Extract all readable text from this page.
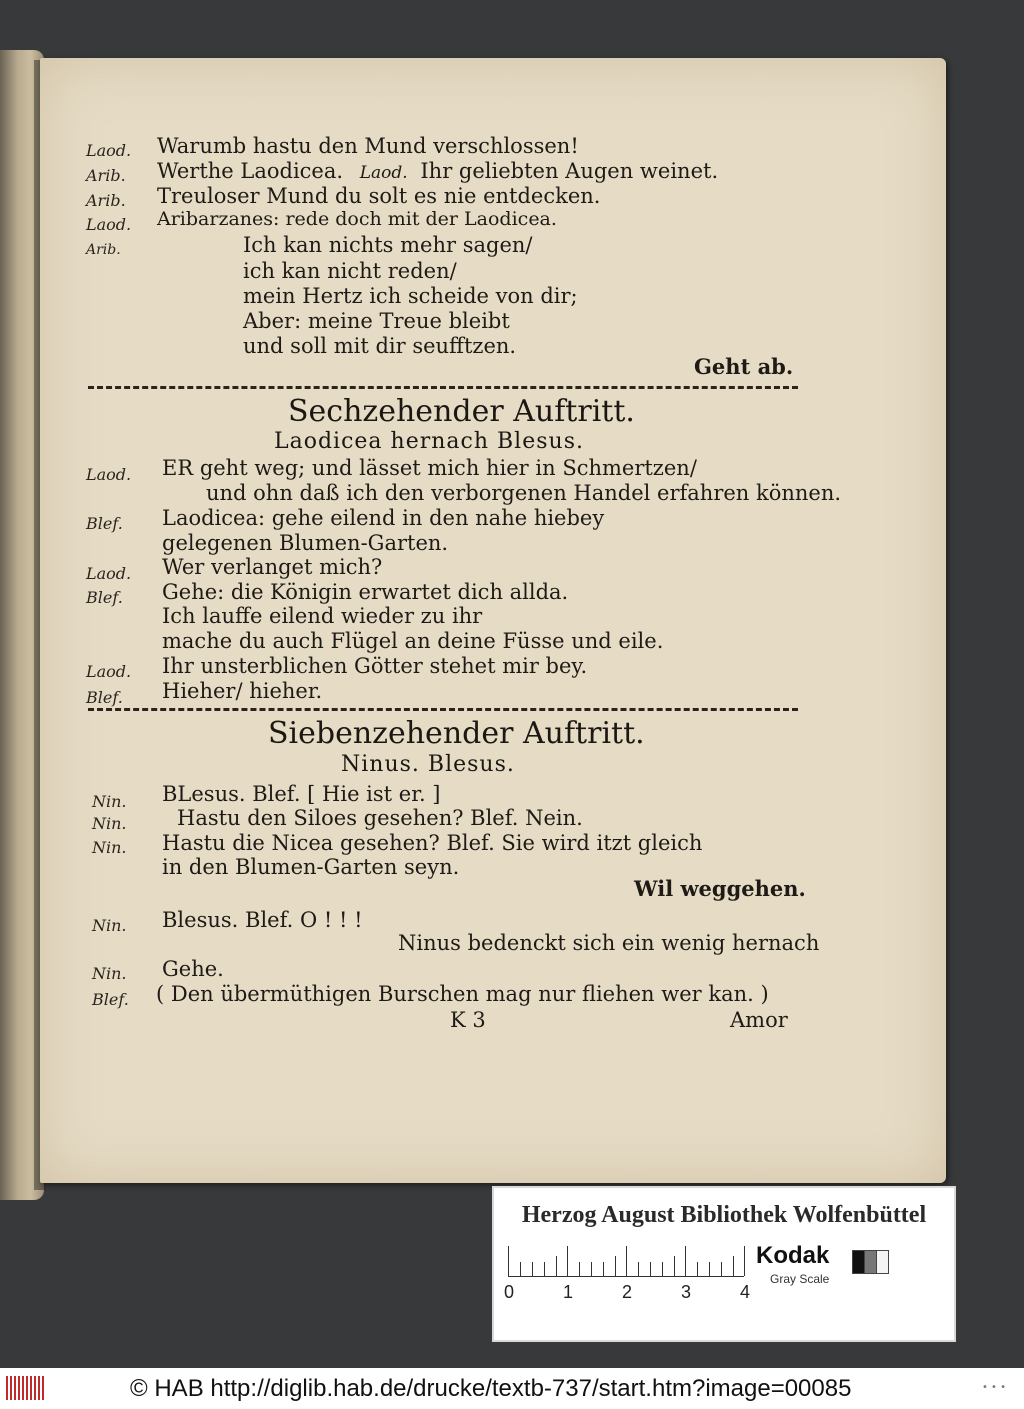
Laod. Warumb hastu den Mund verschlossen!
Arib. Werthe Laodicea. Laod. Ihr geliebten Augen weinet.
Arib. Treuloser Mund du solt es nie entdecken.
Laod. Aribarzanes: rede doch mit der Laodicea.
Arib.	Ich kan nichts mehr sagen/
ich kan nicht reden/
mein Hertz ich scheide von dir;
Aber: meine Treue bleibt
und soll mit dir seufftzen.
Geht ab.
Sechzehender Auftritt.
Laodicea hernach Blesus.
Laod. ER geht weg; und lässet mich hier in Schmertzen/
und ohn daß ich den verborgenen Handel erfahren können.
Blef. Laodicea: gehe eilend in den nahe hiebey
gelegenen Blumen-Garten.
Laod. Wer verlanget mich?
Blef. Gehe: die Königin erwartet dich allda.
Ich lauffe eilend wieder zu ihr
mache du auch Flügel an deine Füsse und eile.
Laod. Ihr unsterblichen Götter stehet mir bey.
Blef. Hieher/ hieher.
Siebenzehender Auftritt.
Ninus. Blesus.
Nin. BLesus. Blef. [ Hie ist er. ]
Nin. Hastu den Siloes gesehen? Blef. Nein.
Nin. Hastu die Nicea gesehen? Blef. Sie wird itzt gleich
in den Blumen-Garten seyn.
Wil weggehen.
Nin. Blesus. Blef. O ! ! !
Ninus bedenckt sich ein wenig hernach
Nin. Gehe.
Blef. ( Den übermüthigen Burschen mag nur fliehen wer kan. )
K 3	Amor
Herzog August Bibliothek Wolfenbüttel
0	1	2	3	4
Kodak
Gray Scale
© HAB http://diglib.hab.de/drucke/textb-737/start.htm?image=00085	• • •
